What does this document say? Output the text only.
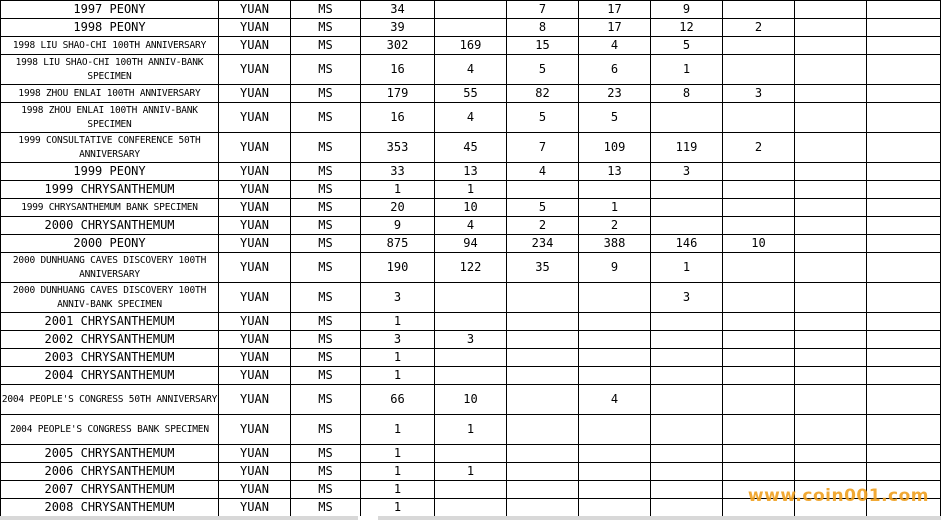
1997 PEONY	YUAN	MS	34		7	17	9			
1998 PEONY	YUAN	MS	39		8	17	12	2		
1998 LIU SHAO-CHI 100TH ANNIVERSARY	YUAN	MS	302	169	15	4	5			
1998 LIU SHAO-CHI 100TH ANNIV-BANK SPECIMEN	YUAN	MS	16	4	5	6	1			
1998 ZHOU ENLAI 100TH ANNIVERSARY	YUAN	MS	179	55	82	23	8	3		
1998 ZHOU ENLAI 100TH ANNIV-BANK SPECIMEN	YUAN	MS	16	4	5	5				
1999 CONSULTATIVE CONFERENCE 50TH ANNIVERSARY	YUAN	MS	353	45	7	109	119	2		
1999 PEONY	YUAN	MS	33	13	4	13	3			
1999 CHRYSANTHEMUM	YUAN	MS	1	1						
1999 CHRYSANTHEMUM BANK SPECIMEN	YUAN	MS	20	10	5	1				
2000 CHRYSANTHEMUM	YUAN	MS	9	4	2	2				
2000 PEONY	YUAN	MS	875	94	234	388	146	10		
2000 DUNHUANG CAVES DISCOVERY 100TH ANNIVERSARY	YUAN	MS	190	122	35	9	1			
2000 DUNHUANG CAVES DISCOVERY 100TH ANNIV-BANK SPECIMEN	YUAN	MS	3				3			
2001 CHRYSANTHEMUM	YUAN	MS	1							
2002 CHRYSANTHEMUM	YUAN	MS	3	3						
2003 CHRYSANTHEMUM	YUAN	MS	1							
2004 CHRYSANTHEMUM	YUAN	MS	1							
2004 PEOPLE'S CONGRESS 50TH ANNIVERSARY	YUAN	MS	66	10		4				
2004 PEOPLE'S CONGRESS BANK SPECIMEN	YUAN	MS	1	1						
2005 CHRYSANTHEMUM	YUAN	MS	1							
2006 CHRYSANTHEMUM	YUAN	MS	1	1						
2007 CHRYSANTHEMUM	YUAN	MS	1							
2008 CHRYSANTHEMUM	YUAN	MS	1							
www.coin001.com
